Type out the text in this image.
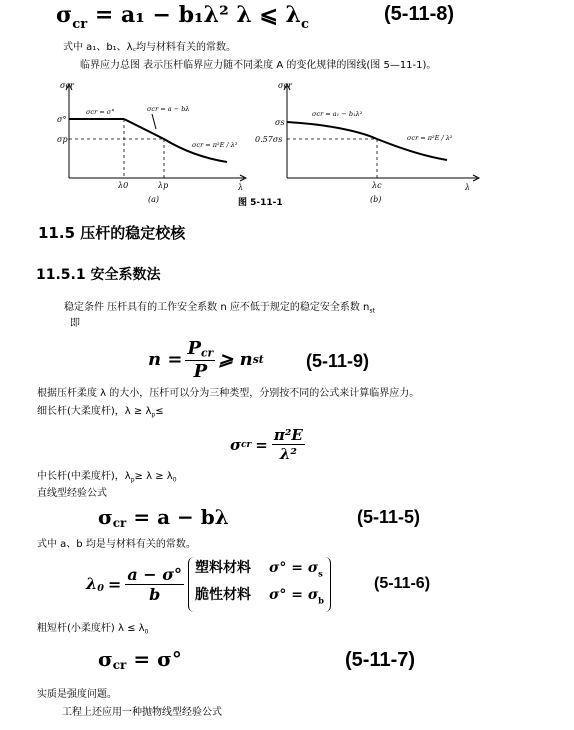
$\sigma_{cr} = a_1 - b_1\lambda^2$ λ ⩽ $\lambda_c$	(5-11-8)
式中 a₁、b₁、λ꜀均与材料有关的常数。
临界应力总图 表示压杆临界应力随不同柔度 A 的变化规律的图线(图 5—11-1)。
σcr
λ
σ°
σp
λ0	λp
σcr = σ°	σcr = a − bλ
σcr = π²E / λ²
(a)
σcr
λ
σs
0.57σs
λc
σcr = a₁ − b₁λ²
σcr = π²E / λ²
(b)
图 5-11-1
11.5 压杆的稳定校核
11.5.1 安全系数法
稳定条件 压杆具有的工作安全系数 n 应不低于规定的稳定安全系数 $n_{st}$
即
$n = \frac{\text{Pcr}}{P}$ ⩾ n st (5-11-9)
根据压杆柔度 λ 的大小，压杆可以分为三种类型，分别按不同的公式来计算临界应力。
细长杆(大柔度杆)，$\lambda \ge \lambda_p\le$
σ cr = $\frac{\text{π²E}}{\text{λ²}}$
中长杆(中柔度杆)，$\lambda_p\ge \lambda \ge \lambda_0$
直线型经验公式
σcr = a − bλ	(5-11-5)
式中 a、b 均是与材料有关的常数。
$\lambda 0 = \frac{a - \sigma^\circ}{b}$ 塑料材料 $\sigma^\circ = \sigma_s$
脆性材料 $\sigma^\circ = \sigma_b$
(5-11-6)
粗短杆(小柔度杆) $\lambda \le \lambda_0$
σcr = σ°	(5-11-7)
实质是强度问题。
工程上还应用一种抛物线型经验公式
